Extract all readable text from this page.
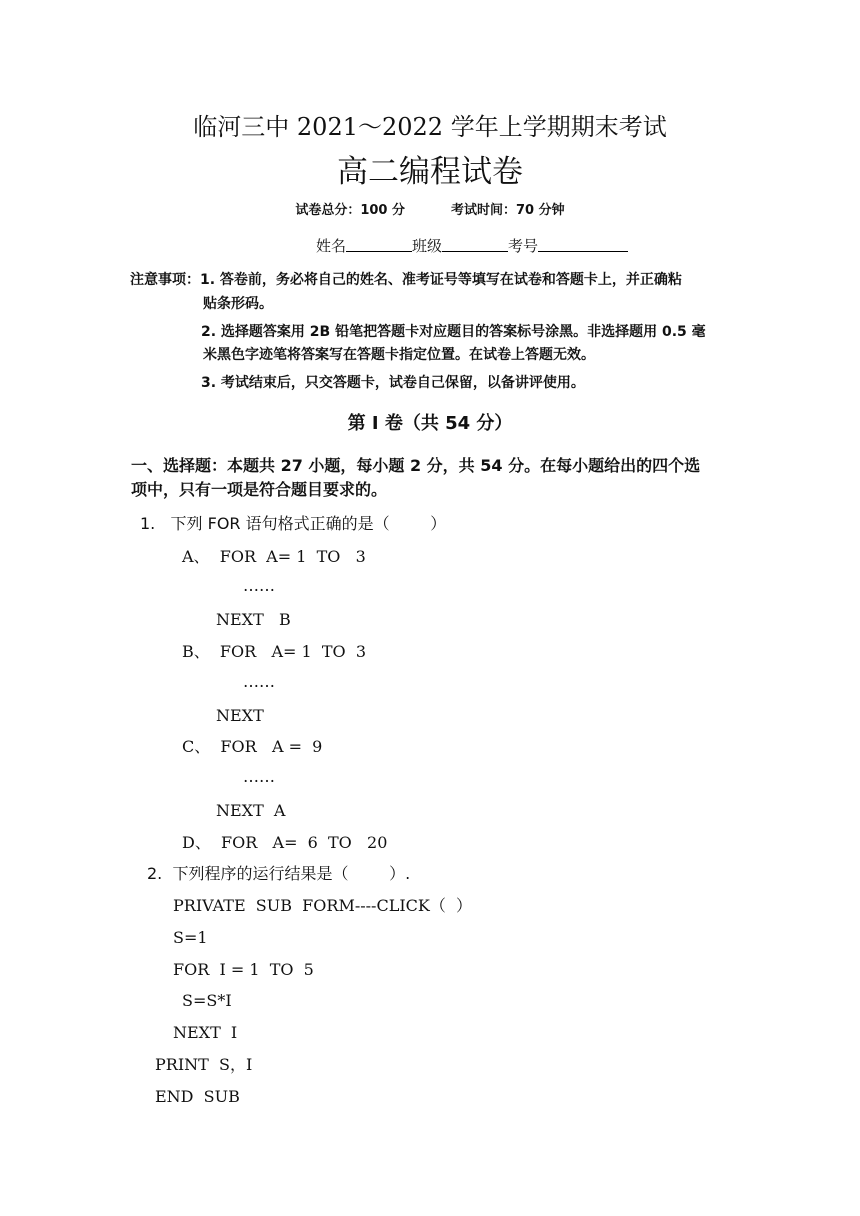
临河三中 2021～2022 学年上学期期末考试
高二编程试卷
试卷总分：100 分	考试时间：70 分钟
姓名	班级	考号
注意事项：1. 答卷前，务必将自己的姓名、准考证号等填写在试卷和答题卡上，并正确粘
贴条形码。
2. 选择题答案用 2B 铅笔把答题卡对应题目的答案标号涂黑。非选择题用 0.5 毫
米黑色字迹笔将答案写在答题卡指定位置。在试卷上答题无效。
3. 考试结束后，只交答题卡，试卷自己保留，以备讲评使用。
第 Ⅰ 卷（共 54 分）
一、选择题：本题共 27 小题，每小题 2 分，共 54 分。在每小题给出的四个选
项中，只有一项是符合题目要求的。
1.   下列 FOR 语句格式正确的是（        ）
A、  FOR  A= 1  TO   3
……
NEXT   B
B、  FOR   A= 1  TO  3
……
NEXT
C、  FOR   A =  9
……
NEXT  A
D、  FOR   A=  6  TO   20
2.  下列程序的运行结果是（        ）.
PRIVATE  SUB  FORM----CLICK（  ）
S=1
FOR  I = 1  TO  5
S=S*I
NEXT  I
PRINT  S，I
END  SUB
